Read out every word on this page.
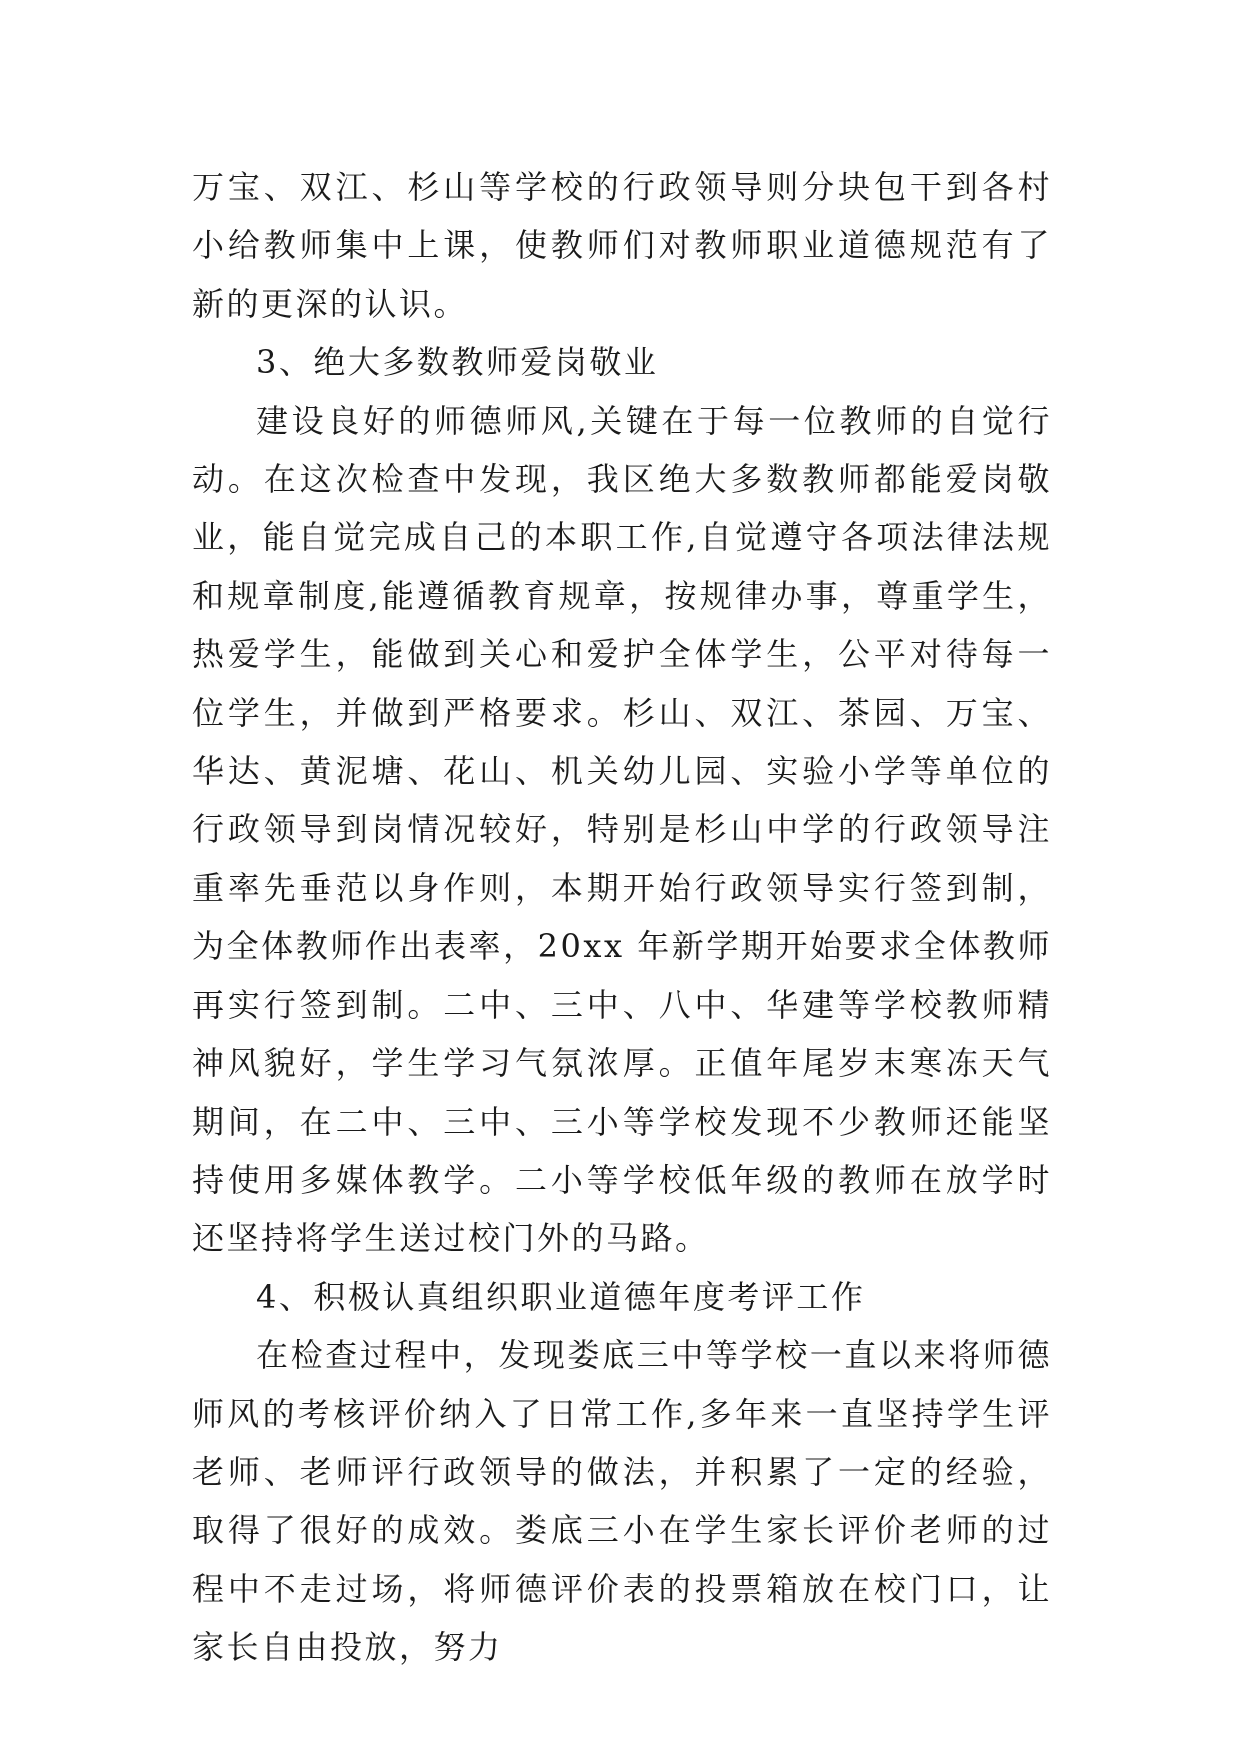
万宝、双江、杉山等学校的行政领导则分块包干到各村小给教师集中上课，使教师们对教师职业道德规范有了新的更深的认识。

3、绝大多数教师爱岗敬业

建设良好的师德师风,关键在于每一位教师的自觉行动。在这次检查中发现，我区绝大多数教师都能爱岗敬业，能自觉完成自己的本职工作,自觉遵守各项法律法规和规章制度,能遵循教育规章，按规律办事，尊重学生，热爱学生，能做到关心和爱护全体学生，公平对待每一位学生，并做到严格要求。杉山、双江、茶园、万宝、华达、黄泥塘、花山、机关幼儿园、实验小学等单位的行政领导到岗情况较好，特别是杉山中学的行政领导注重率先垂范以身作则，本期开始行政领导实行签到制，为全体教师作出表率，20xx 年新学期开始要求全体教师再实行签到制。二中、三中、八中、华建等学校教师精神风貌好，学生学习气氛浓厚。正值年尾岁末寒冻天气期间，在二中、三中、三小等学校发现不少教师还能坚持使用多媒体教学。二小等学校低年级的教师在放学时还坚持将学生送过校门外的马路。

4、积极认真组织职业道德年度考评工作

在检查过程中，发现娄底三中等学校一直以来将师德师风的考核评价纳入了日常工作,多年来一直坚持学生评老师、老师评行政领导的做法，并积累了一定的经验，取得了很好的成效。娄底三小在学生家长评价老师的过程中不走过场，将师德评价表的投票箱放在校门口，让家长自由投放，努力
